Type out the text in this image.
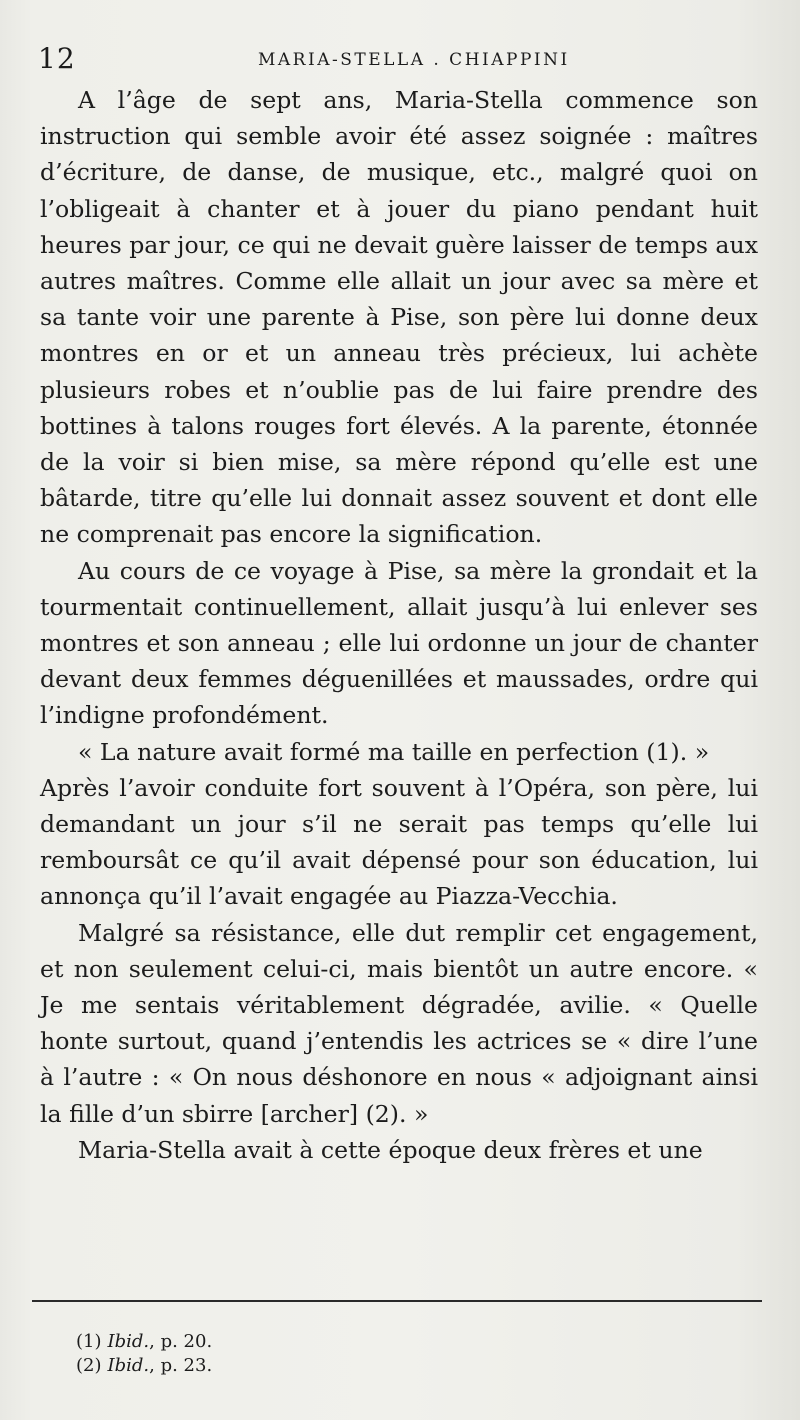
12	MARIA-STELLA . CHIAPPINI

A l’âge de sept ans, Maria-Stella commence son instruction qui semble avoir été assez soignée : maîtres d’écriture, de danse, de musique, etc., malgré quoi on l’obligeait à chanter et à jouer du piano pendant huit heures par jour, ce qui ne devait guère laisser de temps aux autres maîtres. Comme elle allait un jour avec sa mère et sa tante voir une parente à Pise, son père lui donne deux montres en or et un anneau très précieux, lui achète plusieurs robes et n’oublie pas de lui faire prendre des bottines à talons rouges fort élevés. A la parente, étonnée de la voir si bien mise, sa mère répond qu’elle est une bâtarde, titre qu’elle lui donnait assez souvent et dont elle ne comprenait pas encore la signification.

Au cours de ce voyage à Pise, sa mère la grondait et la tourmentait continuellement, allait jusqu’à lui enlever ses montres et son anneau ; elle lui ordonne un jour de chanter devant deux femmes déguenillées et maussades, ordre qui l’indigne profondément.

« La nature avait formé ma taille en perfection (1). »

Après l’avoir conduite fort souvent à l’Opéra, son père, lui demandant un jour s’il ne serait pas temps qu’elle lui remboursât ce qu’il avait dépensé pour son éducation, lui annonça qu’il l’avait engagée au Piazza-Vecchia.

Malgré sa résistance, elle dut remplir cet engagement, et non seulement celui-ci, mais bientôt un autre encore. « Je me sentais véritablement dégradée, avilie. « Quelle honte surtout, quand j’entendis les actrices se « dire l’une à l’autre : « On nous déshonore en nous « adjoignant ainsi la fille d’un sbirre [archer] (2). »

Maria-Stella avait à cette époque deux frères et une

(1) Ibid., p. 20.
(2) Ibid., p. 23.
